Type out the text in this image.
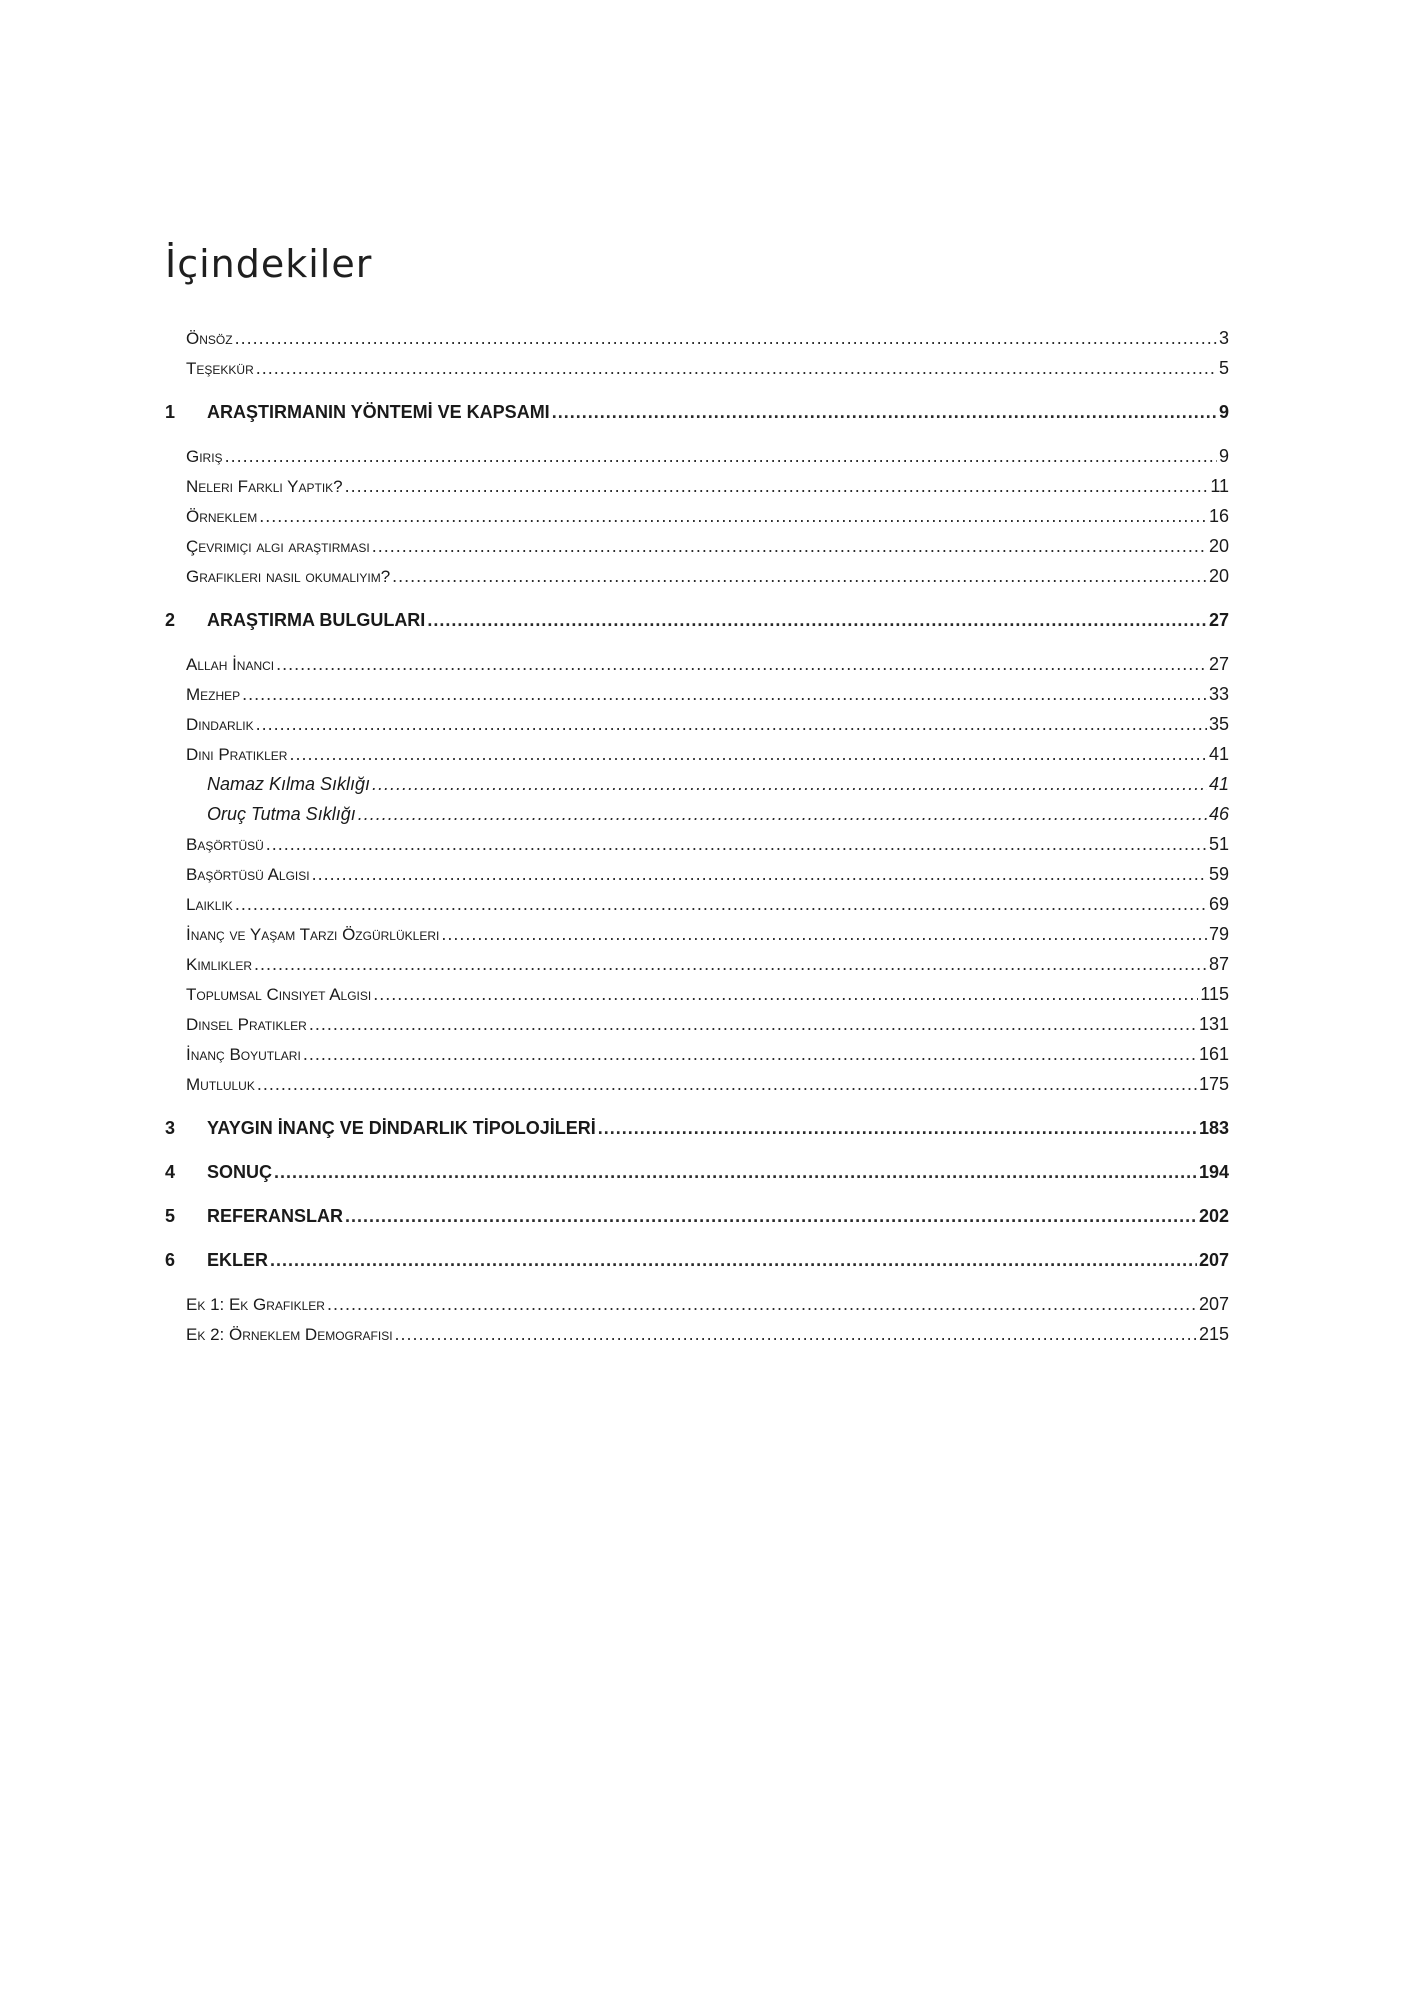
İçindekiler
Önsöz .....	3
Teşekkür .....	5
1	ARAŞTIRMANIN YÖNTEMİ VE KAPSAMI .....	9
Giriş .....	9
Neleri Farklı Yaptık? .....	11
Örneklem .....	16
Çevrimiçi algı araştırması .....	20
Grafikleri nasıl okumalıyım? .....	20
2	ARAŞTIRMA BULGULARI .....	27
Allah İnancı .....	27
Mezhep .....	33
Dindarlık .....	35
Dini Pratikler .....	41
Namaz Kılma Sıklığı .....	41
Oruç Tutma Sıklığı .....	46
Başörtüsü .....	51
Başörtüsü Algısı .....	59
Laiklik .....	69
İnanç ve Yaşam Tarzı Özgürlükleri .....	79
Kimlikler .....	87
Toplumsal Cinsiyet Algısı .....	115
Dinsel Pratikler .....	131
İnanç Boyutları .....	161
Mutluluk .....	175
3	YAYGIN İNANÇ VE DİNDARLIK TİPOLOJİLERİ .....	183
4	SONUÇ .....	194
5	REFERANSLAR .....	202
6	EKLER .....	207
Ek 1: Ek Grafikler .....	207
Ek 2: Örneklem Demografisi .....	215
